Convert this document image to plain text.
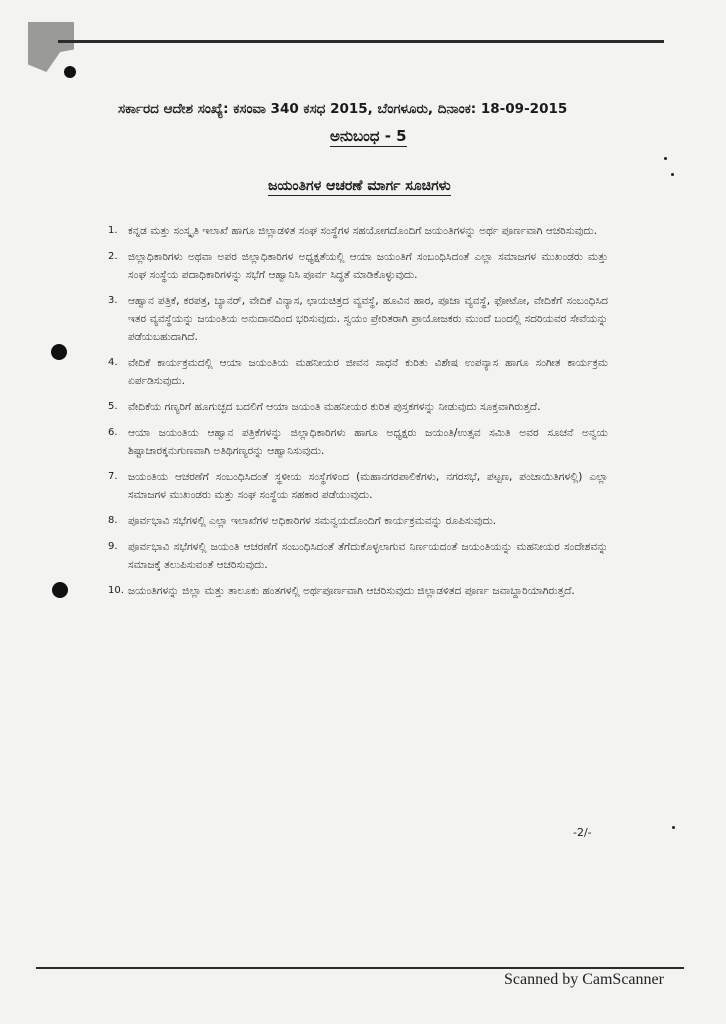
ಸರ್ಕಾರದ ಆದೇಶ ಸಂಖ್ಯೆ: ಕಸಂವಾ 340 ಕಸಧ 2015, ಬೆಂಗಳೂರು, ದಿನಾಂಕ: 18-09-2015
ಅನುಬಂಧ - 5
ಜಯಂತಿಗಳ ಆಚರಣೆ ಮಾರ್ಗ ಸೂಚಿಗಳು
1. ಕನ್ನಡ ಮತ್ತು ಸಂಸ್ಕೃತಿ ಇಲಾಖೆ ಹಾಗೂ ಜಿಲ್ಲಾಡಳಿತ ಸಂಘ ಸಂಸ್ಥೆಗಳ ಸಹಯೋಗದೊಂದಿಗೆ ಜಯಂತಿಗಳನ್ನು ಅರ್ಥ ಪೂರ್ಣವಾಗಿ ಆಚರಿಸುವುದು.
2. ಜಿಲ್ಲಾಧಿಕಾರಿಗಳು ಅಥವಾ ಅಪರ ಜಿಲ್ಲಾಧಿಕಾರಿಗಳ ಅಧ್ಯಕ್ಷತೆಯಲ್ಲಿ ಆಯಾ ಜಯಂತಿಗೆ ಸಂಬಂಧಿಸಿದಂತೆ ಎಲ್ಲಾ ಸಮಾಜಗಳ ಮುಖಂಡರು ಮತ್ತು ಸಂಘ ಸಂಸ್ಥೆಯ ಪದಾಧಿಕಾರಿಗಳನ್ನು ಸಭೆಗೆ ಆಹ್ವಾನಿಸಿ ಪೂರ್ವ ಸಿದ್ಧತೆ ಮಾಡಿಕೊಳ್ಳುವುದು.
3. ಆಹ್ವಾನ ಪತ್ರಿಕೆ, ಕರಪತ್ರ, ಬ್ಯಾನರ್, ವೇದಿಕೆ ವಿನ್ಯಾಸ, ಛಾಯಚಿತ್ರದ ವ್ಯವಸ್ಥೆ, ಹೂವಿನ ಹಾರ, ಪೂಜಾ ವ್ಯವಸ್ಥೆ, ಫೋಟೋ, ವೇದಿಕೆಗೆ ಸಂಬಂಧಿಸಿದ ಇತರ ವ್ಯವಸ್ಥೆಯನ್ನು ಜಯಂತಿಯ ಅನುದಾನದಿಂದ ಭರಿಸುವುದು. ಸ್ವಯಂ ಪ್ರೇರಿತರಾಗಿ ಪ್ರಾಯೋಜಕರು ಮುಂದೆ ಬಂದಲ್ಲಿ ಸದರಿಯವರ ಸೇವೆಯನ್ನು ಪಡೆಯಬಹುದಾಗಿದೆ.
4. ವೇದಿಕೆ ಕಾರ್ಯಕ್ರಮದಲ್ಲಿ ಆಯಾ ಜಯಂತಿಯ ಮಹನೀಯರ ಜೀವನ ಸಾಧನೆ ಕುರಿತು ವಿಶೇಷ ಉಪನ್ಯಾಸ ಹಾಗೂ ಸಂಗೀತ ಕಾರ್ಯಕ್ರಮ ಏರ್ಪಡಿಸುವುದು.
5. ವೇದಿಕೆಯ ಗಣ್ಯರಿಗೆ ಹೂಗುಚ್ಛದ ಬದಲಿಗೆ ಆಯಾ ಜಯಂತಿ ಮಹನೀಯರ ಕುರಿತ ಪುಸ್ತಕಗಳನ್ನು ನೀಡುವುದು ಸೂಕ್ತವಾಗಿರುತ್ತದೆ.
6. ಆಯಾ ಜಯಂತಿಯ ಆಹ್ವಾನ ಪತ್ರಿಕೆಗಳನ್ನು ಜಿಲ್ಲಾಧಿಕಾರಿಗಳು ಹಾಗೂ ಅಧ್ಯಕ್ಷರು ಜಯಂತಿ/ಉತ್ಸವ ಸಮಿತಿ ಅವರ ಸೂಚನೆ ಅನ್ವಯ ಶಿಷ್ಟಾಚಾರಕ್ಕನುಗುಣವಾಗಿ ಅತಿಥಿಗಣ್ಯರನ್ನು ಆಹ್ವಾನಿಸುವುದು.
7. ಜಯಂತಿಯ ಆಚರಣೆಗೆ ಸಂಬಂಧಿಸಿದಂತೆ ಸ್ಥಳೀಯ ಸಂಸ್ಥೆಗಳಿಂದ (ಮಹಾನಗರಪಾಲಿಕೆಗಳು, ನಗರಸಭೆ, ಪಟ್ಟಣ, ಪಂಚಾಯಿತಿಗಳಲ್ಲಿ) ಎಲ್ಲಾ ಸಮಾಜಗಳ ಮುಖಂಡರು ಮತ್ತು ಸಂಘ ಸಂಸ್ಥೆಯ ಸಹಕಾರ ಪಡೆಯುವುದು.
8. ಪೂರ್ವಭಾವಿ ಸಭೆಗಳಲ್ಲಿ ಎಲ್ಲಾ ಇಲಾಖೆಗಳ ಅಧಿಕಾರಿಗಳ ಸಮನ್ವಯದೊಂದಿಗೆ ಕಾರ್ಯಕ್ರಮವನ್ನು ರೂಪಿಸುವುದು.
9. ಪೂರ್ವಭಾವಿ ಸಭೆಗಳಲ್ಲಿ ಜಯಂತಿ ಆಚರಣೆಗೆ ಸಂಬಂಧಿಸಿದಂತೆ ತೆಗೆದುಕೊಳ್ಳಲಾಗುವ ನಿರ್ಣಯದಂತೆ ಜಯಂತಿಯನ್ನು ಮಹನೀಯರ ಸಂದೇಶವನ್ನು ಸಮಾಜಕ್ಕೆ ತಲುಪಿಸುವಂತೆ ಆಚರಿಸುವುದು.
10. ಜಯಂತಿಗಳನ್ನು ಜಿಲ್ಲಾ ಮತ್ತು ತಾಲೂಕು ಹಂತಗಳಲ್ಲಿ ಅರ್ಥಪೂರ್ಣವಾಗಿ ಆಚರಿಸುವುದು ಜಿಲ್ಲಾಡಳಿತದ ಪೂರ್ಣ ಜವಾಬ್ದಾರಿಯಾಗಿರುತ್ತದೆ.
-2/-
Scanned by CamScanner
